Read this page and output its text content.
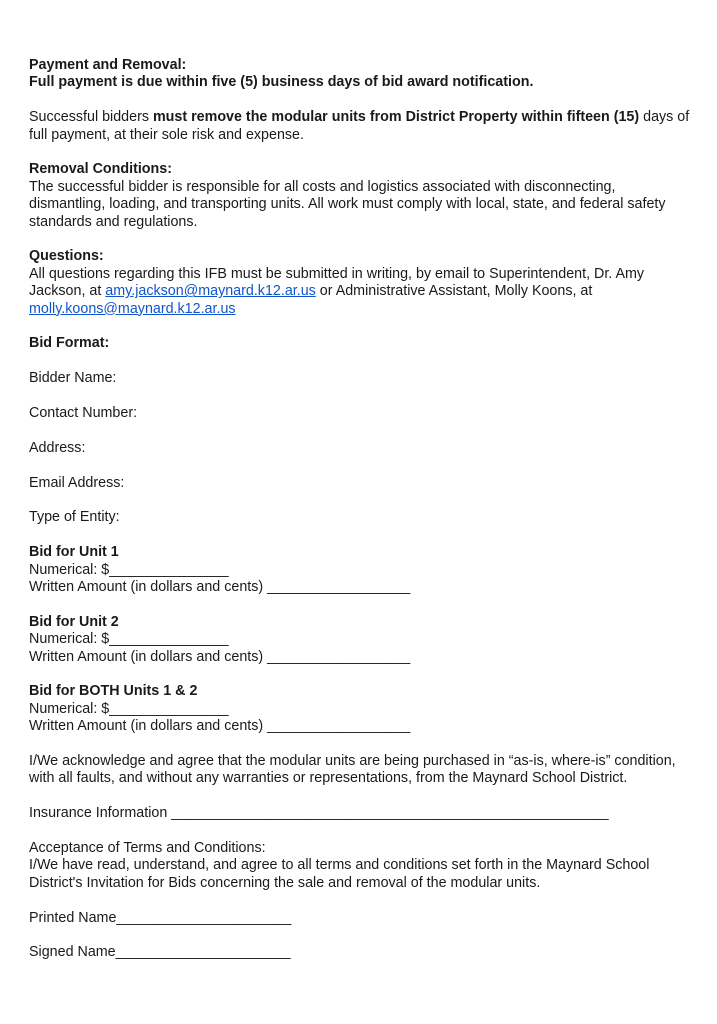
Payment and Removal:

Full payment is due within five (5) business days of bid award notification.

Successful bidders must remove the modular units from District Property within fifteen (15) days of full payment, at their sole risk and expense.

Removal Conditions:

The successful bidder is responsible for all costs and logistics associated with disconnecting, dismantling, loading, and transporting units. All work must comply with local, state, and federal safety standards and regulations.

Questions:

All questions regarding this IFB must be submitted in writing, by email to Superintendent, Dr. Amy Jackson, at amy.jackson@maynard.k12.ar.us or Administrative Assistant, Molly Koons, at molly.koons@maynard.k12.ar.us

Bid Format:

Bidder Name:

Contact Number:

Address:

Email Address:

Type of Entity:

Bid for Unit 1

Numerical: $_______________

Written Amount (in dollars and cents) __________________

Bid for Unit 2

Numerical: $_______________

Written Amount (in dollars and cents) __________________

Bid for BOTH Units 1 & 2

Numerical: $_______________

Written Amount (in dollars and cents) __________________

I/We acknowledge and agree that the modular units are being purchased in “as-is, where-is” condition, with all faults, and without any warranties or representations, from the Maynard School District.

Insurance Information _______________________________________________________

Acceptance of Terms and Conditions:

I/We have read, understand, and agree to all terms and conditions set forth in the Maynard School District's Invitation for Bids concerning the sale and removal of the modular units.

Printed Name______________________

Signed Name______________________
